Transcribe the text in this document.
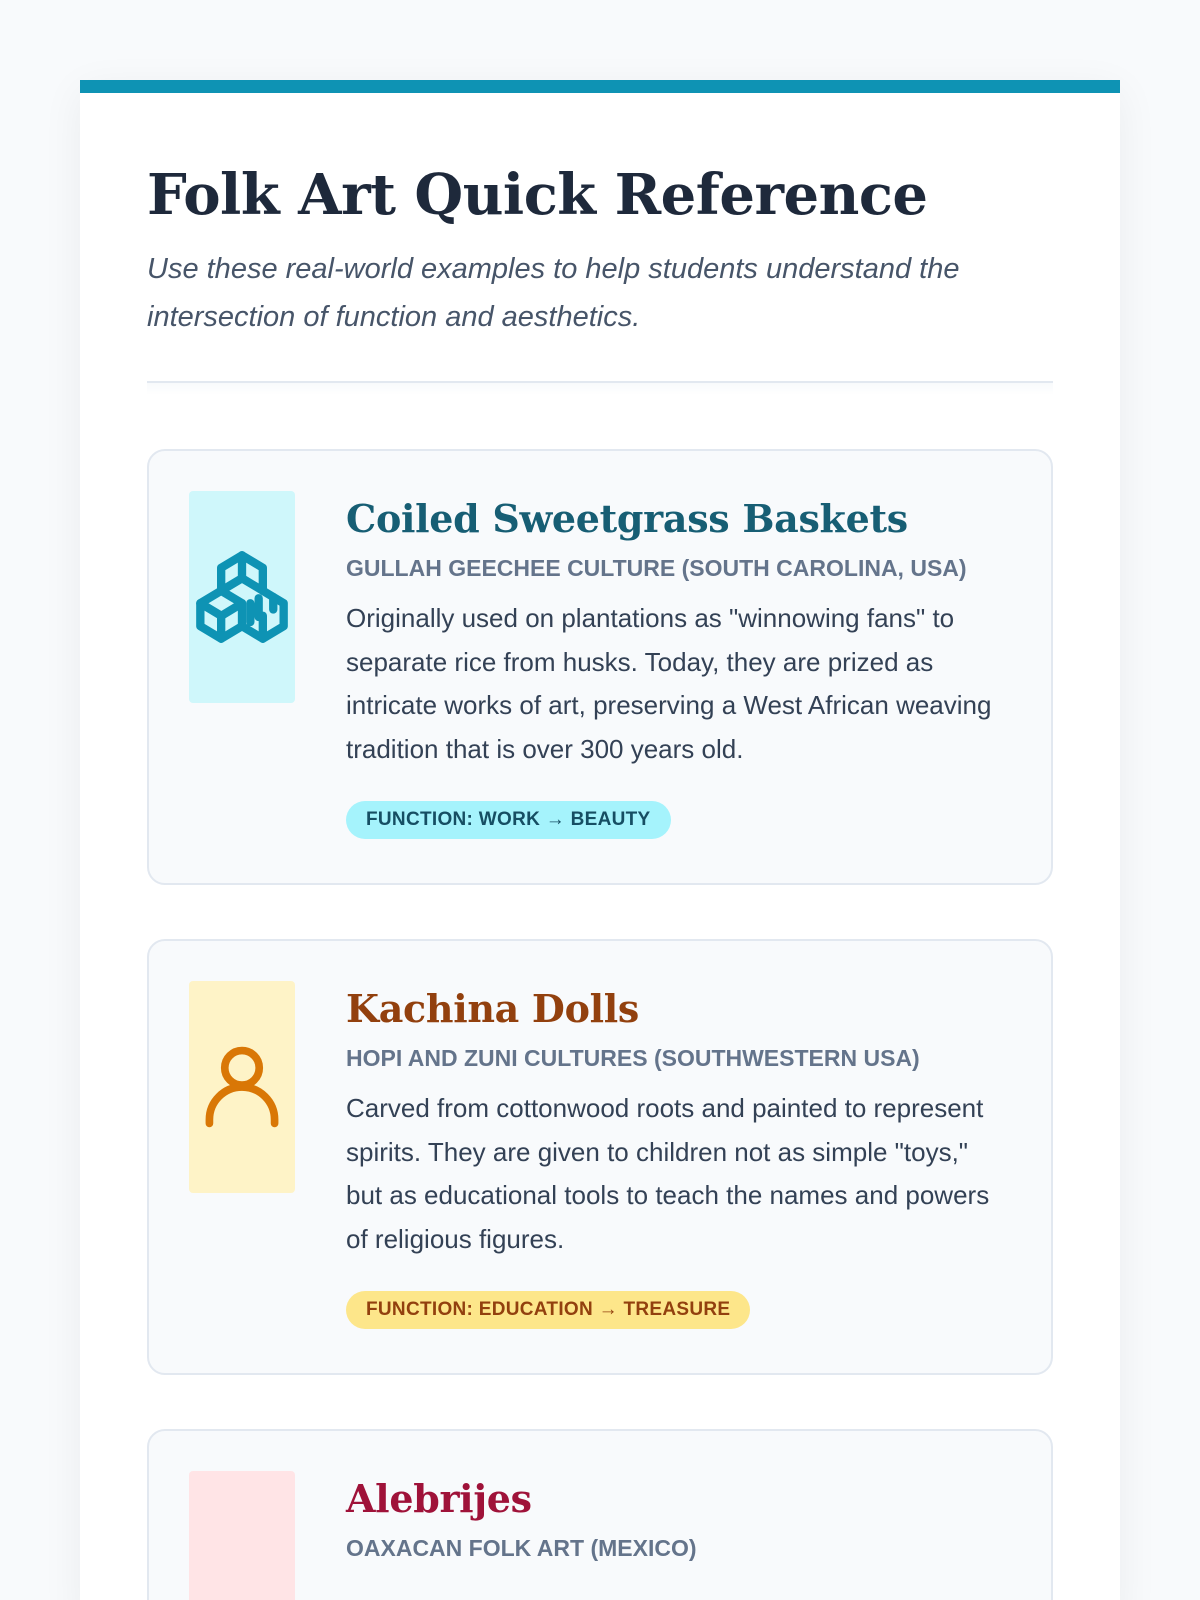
Folk Art Quick Reference

Use these real-world examples to help students understand the intersection of function and aesthetics.

Coiled Sweetgrass Baskets
GULLAH GEECHEE CULTURE (SOUTH CAROLINA, USA)

Originally used on plantations as "winnowing fans" to separate rice from husks. Today, they are prized as intricate works of art, preserving a West African weaving tradition that is over 300 years old.

FUNCTION: WORK → BEAUTY
Kachina Dolls
HOPI AND ZUNI CULTURES (SOUTHWESTERN USA)

Carved from cottonwood roots and painted to represent spirits. They are given to children not as simple "toys," but as educational tools to teach the names and powers of religious figures.

FUNCTION: EDUCATION → TREASURE
Alebrijes
OAXACAN FOLK ART (MEXICO)
